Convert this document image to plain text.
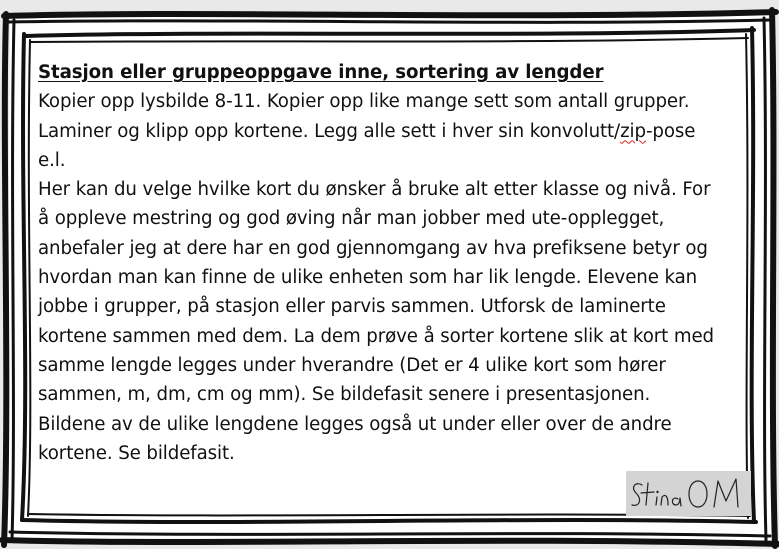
Stasjon eller gruppeoppgave inne, sortering av lengder

Kopier opp lysbilde 8-11. Kopier opp like mange sett som antall grupper. Laminer og klipp opp kortene. Legg alle sett i hver sin konvolutt/zip-pose e.l.

Her kan du velge hvilke kort du ønsker å bruke alt etter klasse og nivå. For å oppleve mestring og god øving når man jobber med ute-opplegget, anbefaler jeg at dere har en god gjennomgang av hva prefiksene betyr og hvordan man kan finne de ulike enheten som har lik lengde. Elevene kan jobbe i grupper, på stasjon eller parvis sammen. Utforsk de laminerte kortene sammen med dem. La dem prøve å sorter kortene slik at kort med samme lengde legges under hverandre (Det er 4 ulike kort som hører sammen, m, dm, cm og mm). Se bildefasit senere i presentasjonen.

Bildene av de ulike lengdene legges også ut under eller over de andre kortene. Se bildefasit.
